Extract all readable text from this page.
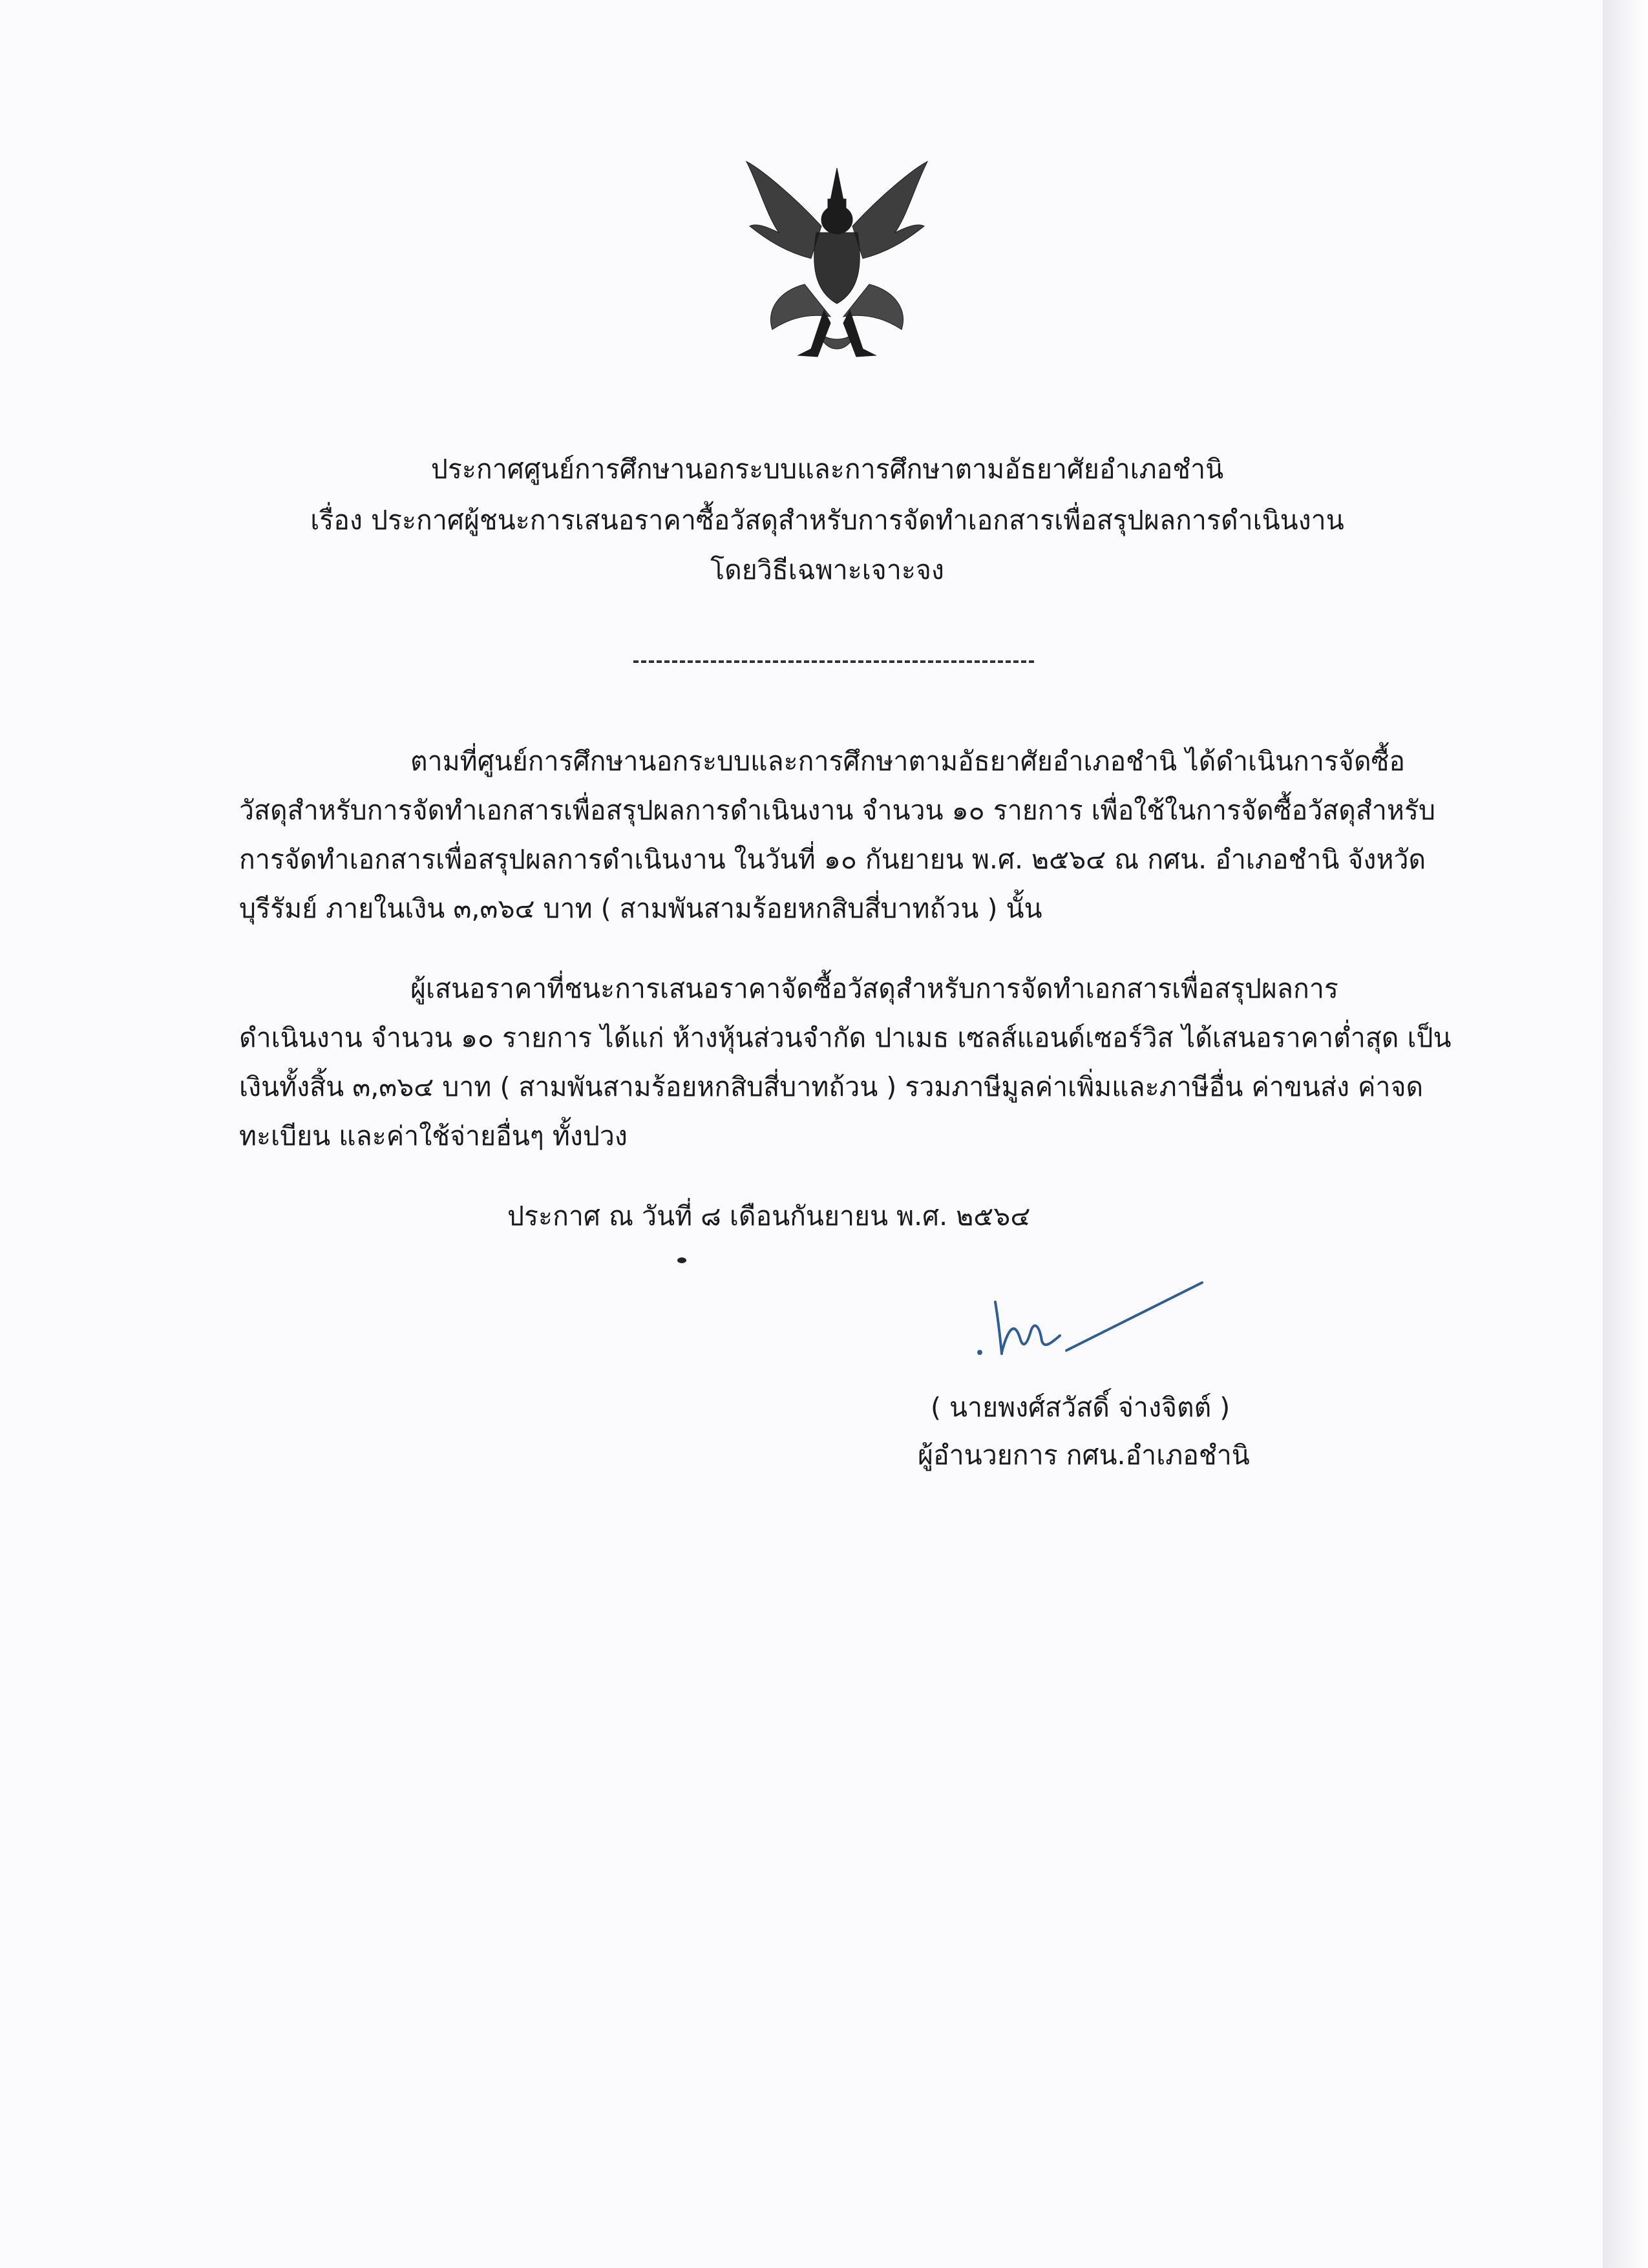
ประกาศศูนย์การศึกษานอกระบบและการศึกษาตามอัธยาศัยอำเภอชำนิ
เรื่อง ประกาศผู้ชนะการเสนอราคาซื้อวัสดุสำหรับการจัดทำเอกสารเพื่อสรุปผลการดำเนินงาน
โดยวิธีเฉพาะเจาะจง
ตามที่ศูนย์การศึกษานอกระบบและการศึกษาตามอัธยาศัยอำเภอชำนิ ได้ดำเนินการจัดซื้อ
วัสดุสำหรับการจัดทำเอกสารเพื่อสรุปผลการดำเนินงาน จำนวน ๑๐ รายการ เพื่อใช้ในการจัดซื้อวัสดุสำหรับ
การจัดทำเอกสารเพื่อสรุปผลการดำเนินงาน ในวันที่ ๑๐ กันยายน พ.ศ. ๒๕๖๔ ณ กศน. อำเภอชำนิ จังหวัด
บุรีรัมย์ ภายในเงิน ๓,๓๖๔ บาท ( สามพันสามร้อยหกสิบสี่บาทถ้วน ) นั้น
ผู้เสนอราคาที่ชนะการเสนอราคาจัดซื้อวัสดุสำหรับการจัดทำเอกสารเพื่อสรุปผลการ
ดำเนินงาน จำนวน ๑๐ รายการ ได้แก่ ห้างหุ้นส่วนจำกัด ปาเมธ เซลส์แอนด์เซอร์วิส ได้เสนอราคาต่ำสุด เป็น
เงินทั้งสิ้น ๓,๓๖๔ บาท ( สามพันสามร้อยหกสิบสี่บาทถ้วน ) รวมภาษีมูลค่าเพิ่มและภาษีอื่น ค่าขนส่ง ค่าจด
ทะเบียน และค่าใช้จ่ายอื่นๆ ทั้งปวง
ประกาศ ณ วันที่ ๘ เดือนกันยายน พ.ศ. ๒๕๖๔
( นายพงศ์สวัสดิ์ จ่างจิตต์ )
ผู้อำนวยการ กศน.อำเภอชำนิ
